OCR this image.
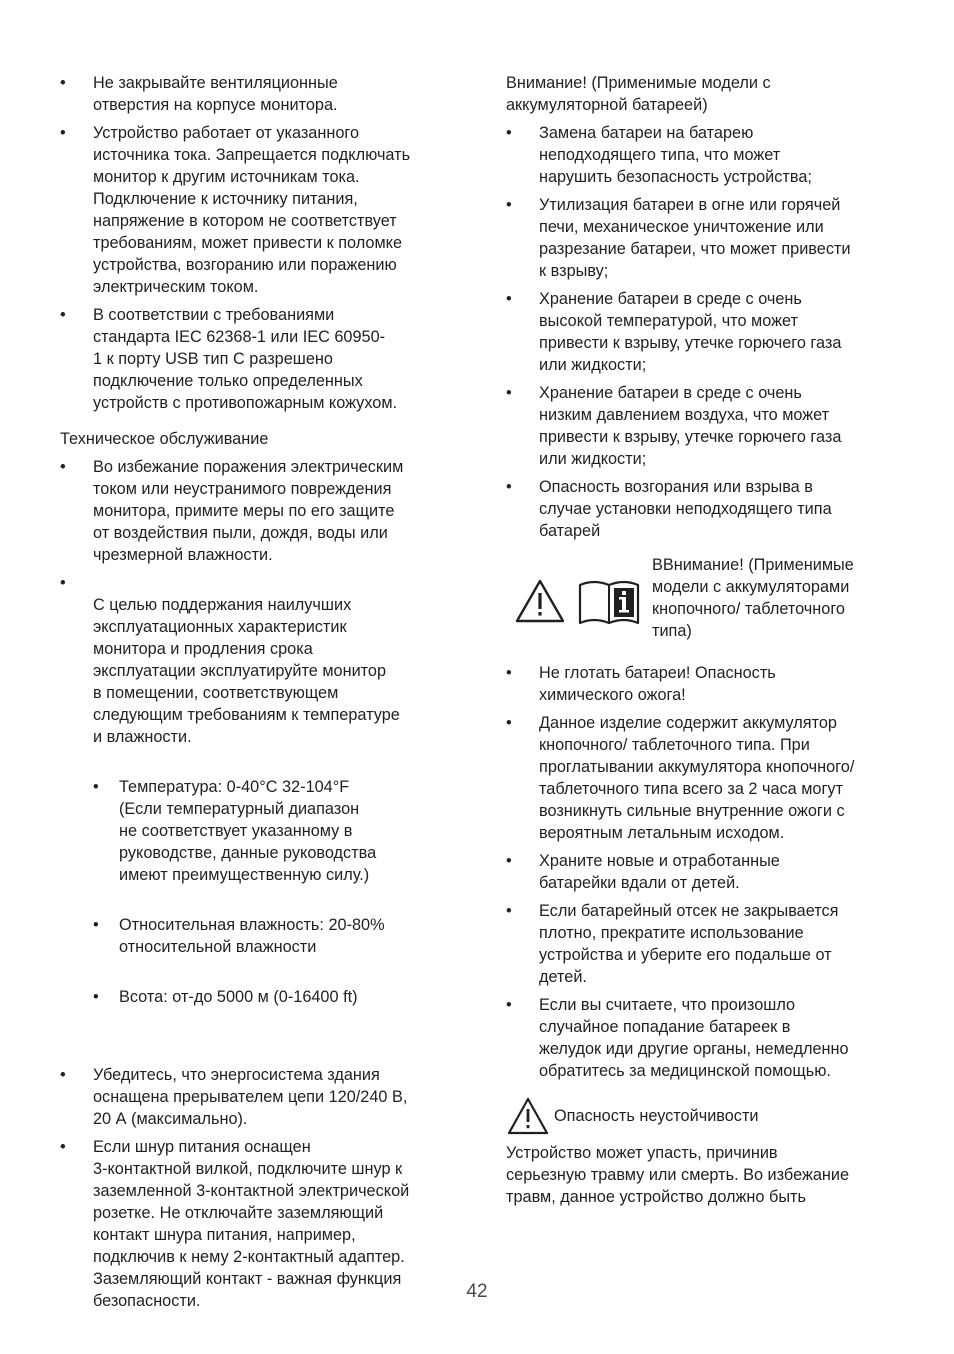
• Не закрывайте вентиляционные
отверстия на корпусе монитора.
• Устройство работает от указанного
источника тока. Запрещается подключать
монитор к другим источникам тока.
Подключение к источнику питания,
напряжение в котором не соответствует
требованиям, может привести к поломке
устройства, возгоранию или поражению
электрическим током.
• В соответствии с требованиями
стандарта IEC 62368-1 или IEC 60950-
1 к порту USB тип C разрешено
подключение только определенных
устройств с противопожарным кожухом.

Техническое обслуживание

• Во избежание поражения электрическим
током или неустранимого повреждения
монитора, примите меры по его защите
от воздействия пыли, дождя, воды или
чрезмерной влажности.

• С целью поддержания наилучших
эксплуатационных характеристик
монитора и продления срока
эксплуатации эксплуатируйте монитор
в помещении, соответствующем
следующим требованиям к температуре
и влажности.

• Температура: 0-40°C 32-104°F
(Если температурный диапазон
не соответствует указанному в
руководстве, данные руководства
имеют преимущественную силу.)

• Относительная влажность: 20-80%
относительной влажности

• Всота: от-до 5000 м (0-16400 ft)

• Убедитесь, что энергосистема здания
оснащена прерывателем цепи 120/240 В,
20 А (максимально).
• Если шнур питания оснащен
3-контактной вилкой, подключите шнур к
заземленной 3-контактной электрической
розетке. Не отключайте заземляющий
контакт шнура питания, например,
подключив к нему 2-контактный адаптер.
Заземляющий контакт - важная функция
безопасности.

Внимание! (Применимые модели с
аккумуляторной батареей)

• Замена батареи на батарею
неподходящего типа, что может
нарушить безопасность устройства;
• Утилизация батареи в огне или горячей
печи, механическое уничтожение или
разрезание батареи, что может привести
к взрыву;
• Хранение батареи в среде с очень
высокой температурой, что может
привести к взрыву, утечке горючего газа
или жидкости;
• Хранение батареи в среде с очень
низким давлением воздуха, что может
привести к взрыву, утечке горючего газа
или жидкости;
• Опасность возгорания или взрыва в
случае установки неподходящего типа
батарей
ВВнимание! (Применимые
модели с аккумуляторами
кнопочного/ таблеточного
типа)
• Не глотать батареи! Опасность
химического ожога!
• Данное изделие содержит аккумулятор
кнопочного/ таблеточного типа. При
проглатывании аккумулятора кнопочного/
таблеточного типа всего за 2 часа могут
возникнуть сильные внутренние ожоги с
вероятным летальным исходом.
• Храните новые и отработанные
батарейки вдали от детей.
• Если батарейный отсек не закрывается
плотно, прекратите использование
устройства и уберите его подальше от
детей.
• Если вы считаете, что произошло
случайное попадание батареек в
желудок иди другие органы, немедленно
обратитесь за медицинской помощью.
Опасность неустойчивости

Устройство может упасть, причинив
серьезную травму или смерть. Во избежание
травм, данное устройство должно быть

42
